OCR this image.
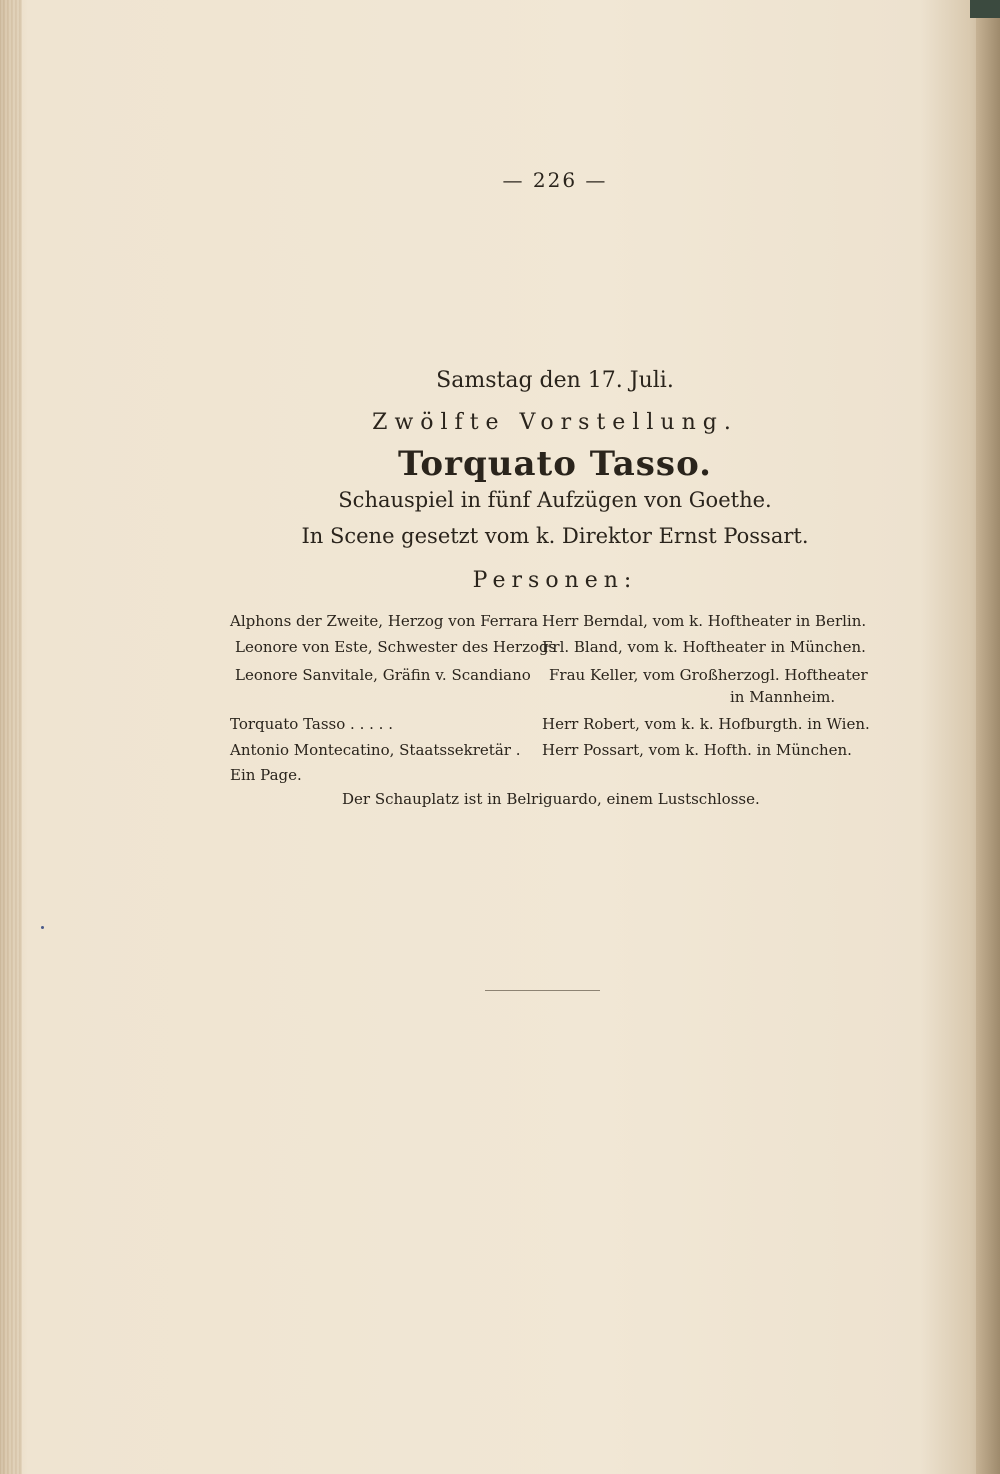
— 226 —
Samstag den 17. Juli.
Zwölfte Vorstellung.
Torquato Tasso.
Schauspiel in fünf Aufzügen von Goethe.
In Scene gesetzt vom k. Direktor Ernst Possart.
Personen:
Alphons der Zweite, Herzog von Ferrara Herr Berndal, vom k. Hoftheater in Berlin.
Leonore von Este, Schwester des Herzogs
Frl. Bland, vom k. Hoftheater in München.
Leonore Sanvitale, Gräfin v. Scandiano Frau Keller, vom Großherzogl. Hoftheater
in Mannheim.
Torquato Tasso . . . . .	Herr Robert, vom k. k. Hofburgth. in Wien.
Antonio Montecatino, Staatssekretär . Herr Possart, vom k. Hofth. in München.
Ein Page.
Der Schauplatz ist in Belriguardo, einem Lustschlosse.
